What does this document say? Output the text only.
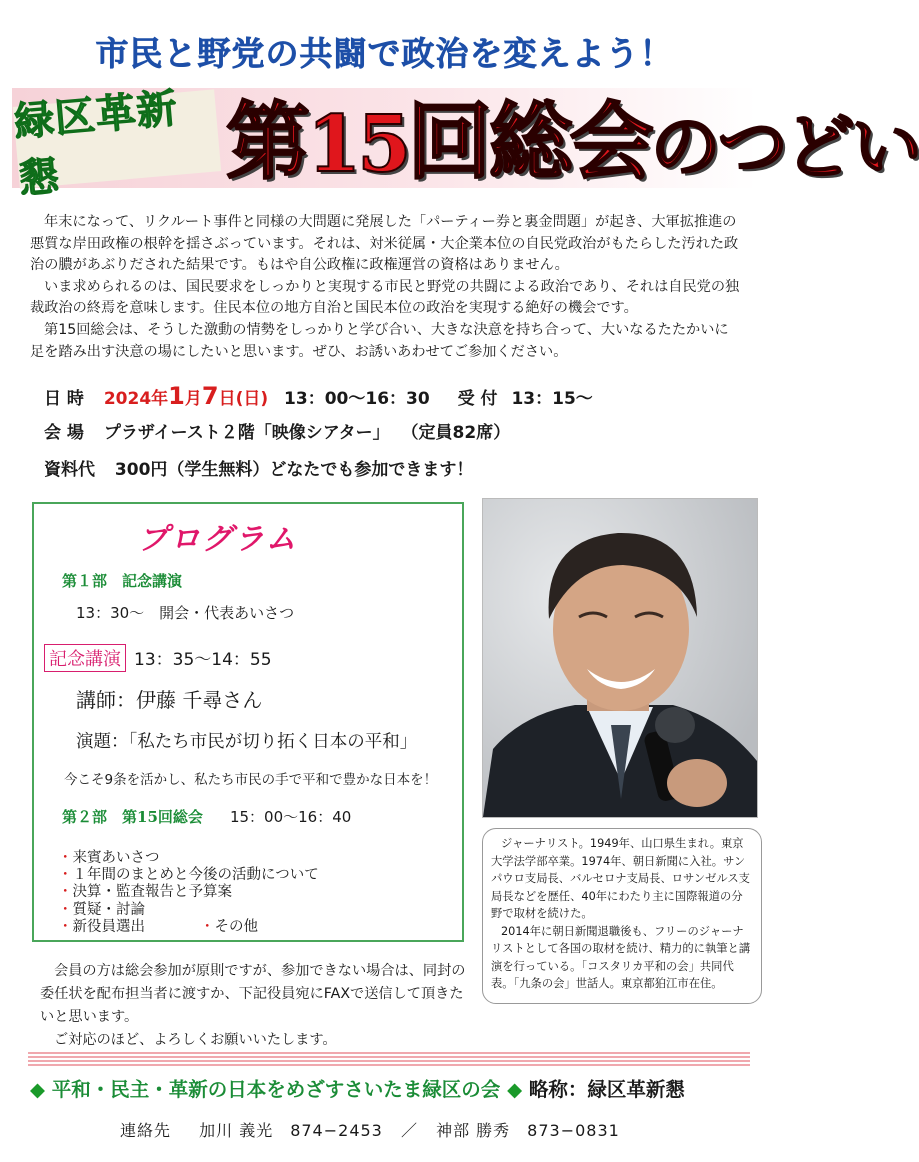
市民と野党の共闘で政治を変えよう！
緑区革新懇	第15回総会のつどい

年末になって、リクルート事件と同様の大問題に発展した「パーティー券と裏金問題」が起き、大軍拡推進の悪質な岸田政権の根幹を揺さぶっています。それは、対米従属・大企業本位の自民党政治がもたらした汚れた政治の膿があぶりだされた結果です。もはや自公政権に政権運営の資格はありません。

いま求められるのは、国民要求をしっかりと実現する市民と野党の共闘による政治であり、それは自民党の独裁政治の終焉を意味します。住民本位の地方自治と国民本位の政治を実現する絶好の機会です。

第15回総会は、そうした激動の情勢をしっかりと学び合い、大きな決意を持ち合って、大いなるたたかいに足を踏み出す決意の場にしたいと思います。ぜひ、お誘いあわせてご参加ください。

日 時 2024年1月7日(日) 13：00〜16：30 受 付 13：15〜
会 場 プラザイースト２階「映像シアター」 （定員82席）
資料代 300円（学生無料）どなたでも参加できます！
プログラム
第１部　記念講演
13：30〜　開会・代表あいさつ
記念講演 13：35〜14：55
講師：伊藤 千尋さん
演題：「私たち市民が切り拓く日本の平和」
今こそ9条を活かし、私たち市民の手で平和で豊かな日本を！
第２部　第15回総会 15：00〜16：40
・ 来賓あいさつ
・ １年間のまとめと今後の活動について
・ 決算・監査報告と予算案
・ 質疑・討論
・ 新役員選出
・	その他

ジャーナリスト。1949年、山口県生まれ。東京大学法学部卒業。1974年、朝日新聞に入社。サンパウロ支局長、バルセロナ支局長、ロサンゼルス支局長などを歴任、40年にわたり主に国際報道の分野で取材を続けた。

2014年に朝日新聞退職後も、フリーのジャーナリストとして各国の取材を続け、精力的に執筆と講演を行っている。「コスタリカ平和の会」共同代表。「九条の会」世話人。東京都狛江市在住。

会員の方は総会参加が原則ですが、参加できない場合は、同封の委任状を配布担当者に渡すか、下記役員宛にFAXで送信して頂きたいと思います。

ご対応のほど、よろしくお願いいたします。

◆ 平和・民主・革新の日本をめざすさいたま緑区の会 ◆ 略称：緑区革新懇
連絡先 加川 義光　874−2453 ／ 神部 勝秀　873−0831
